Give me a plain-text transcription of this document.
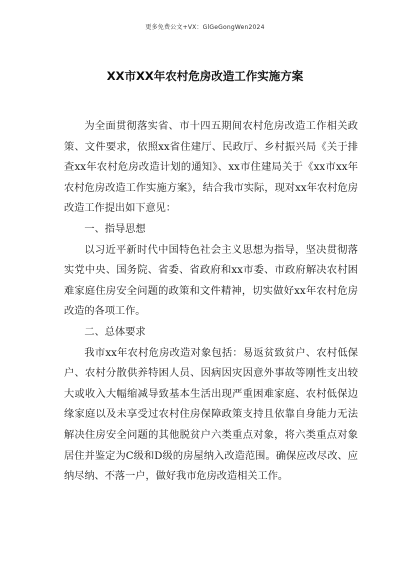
更多免费公文+VX：GlGeGongWen2024
XX市XX年农村危房改造工作实施方案

为全面贯彻落实省、市十四五期间农村危房改造工作相关政策、文件要求，依照xx省住建厅、民政厅、乡村振兴局《关于排查xx年农村危房改造计划的通知》、xx市住建局关于《xx市xx年农村危房改造工作实施方案》，结合我市实际，现对xx年农村危房改造工作提出如下意见：

一、指导思想

以习近平新时代中国特色社会主义思想为指导，坚决贯彻落实党中央、国务院、省委、省政府和xx市委、市政府解决农村困难家庭住房安全问题的政策和文件精神，切实做好xx年农村危房改造的各项工作。

二、总体要求

我市xx年农村危房改造对象包括：易返贫致贫户、农村低保户、农村分散供养特困人员、因病因灾因意外事故等刚性支出较大或收入大幅缩减导致基本生活出现严重困难家庭、农村低保边缘家庭以及未享受过农村住房保障政策支持且依靠自身能力无法解决住房安全问题的其他脱贫户六类重点对象，将六类重点对象居住并鉴定为C级和D级的房屋纳入改造范围。确保应改尽改、应纳尽纳、不落一户，做好我市危房改造相关工作。
